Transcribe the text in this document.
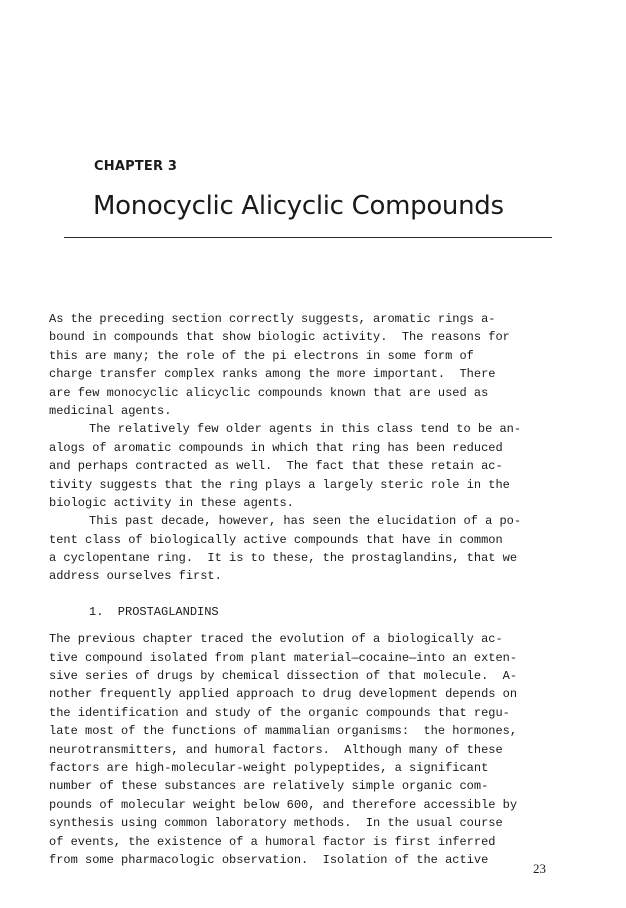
CHAPTER 3
Monocyclic Alicyclic Compounds
As the preceding section correctly suggests, aromatic rings a-
bound in compounds that show biologic activity.  The reasons for
this are many; the role of the pi electrons in some form of
charge transfer complex ranks among the more important.  There
are few monocyclic alicyclic compounds known that are used as
medicinal agents.
The relatively few older agents in this class tend to be an-
alogs of aromatic compounds in which that ring has been reduced
and perhaps contracted as well.  The fact that these retain ac-
tivity suggests that the ring plays a largely steric role in the
biologic activity in these agents.
This past decade, however, has seen the elucidation of a po-
tent class of biologically active compounds that have in common
a cyclopentane ring.  It is to these, the prostaglandins, that we
address ourselves first.
1.  PROSTAGLANDINS
The previous chapter traced the evolution of a biologically ac-
tive compound isolated from plant material—cocaine—into an exten-
sive series of drugs by chemical dissection of that molecule.  A-
nother frequently applied approach to drug development depends on
the identification and study of the organic compounds that regu-
late most of the functions of mammalian organisms:  the hormones,
neurotransmitters, and humoral factors.  Although many of these
factors are high-molecular-weight polypeptides, a significant
number of these substances are relatively simple organic com-
pounds of molecular weight below 600, and therefore accessible by
synthesis using common laboratory methods.  In the usual course
of events, the existence of a humoral factor is first inferred
from some pharmacologic observation.  Isolation of the active
23
